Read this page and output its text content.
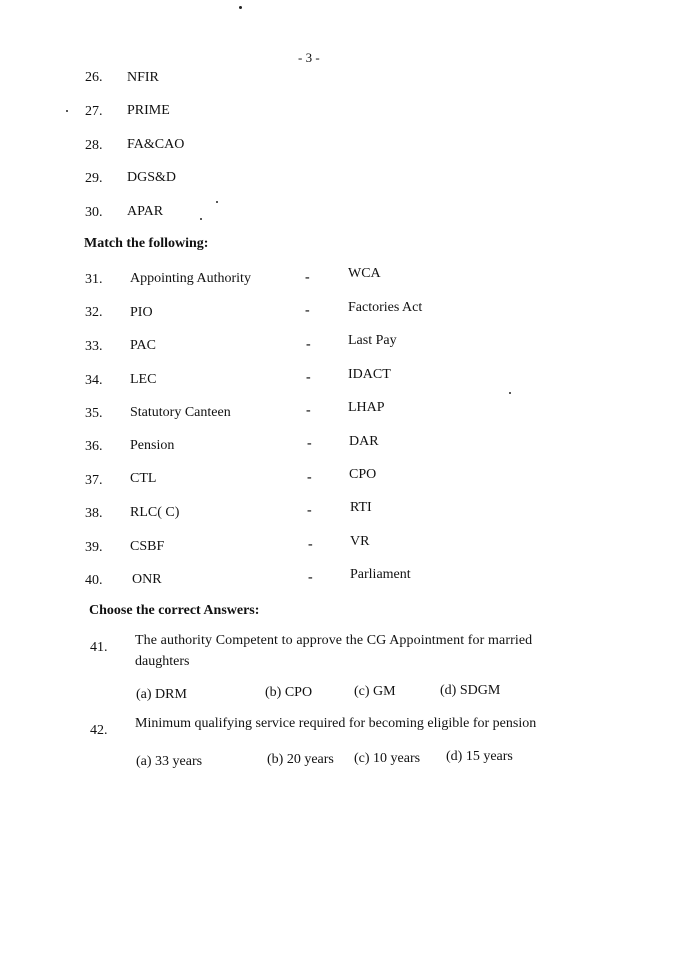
- 3 -
26. NFIR
27. PRIME
28. FA&CAO
29. DGS&D
30. APAR
Match the following:
31. Appointing Authority	-	WCA
32. PIO	-	Factories Act
33. PAC	-	Last Pay
34. LEC	-	IDACT
35. Statutory Canteen	-	LHAP
36. Pension	-	DAR
37. CTL	-	CPO
38. RLC( C)	-	RTI
39. CSBF	-	VR
40. ONR	-	Parliament
Choose the correct Answers:
41. The authority Competent to approve the CG Appointment for married
daughters
(a) DRM	(b) CPO	(c) GM	(d) SDGM
42. Minimum qualifying service required for becoming eligible for pension
(a) 33 years	(b) 20 years (c) 10 years (d) 15 years
